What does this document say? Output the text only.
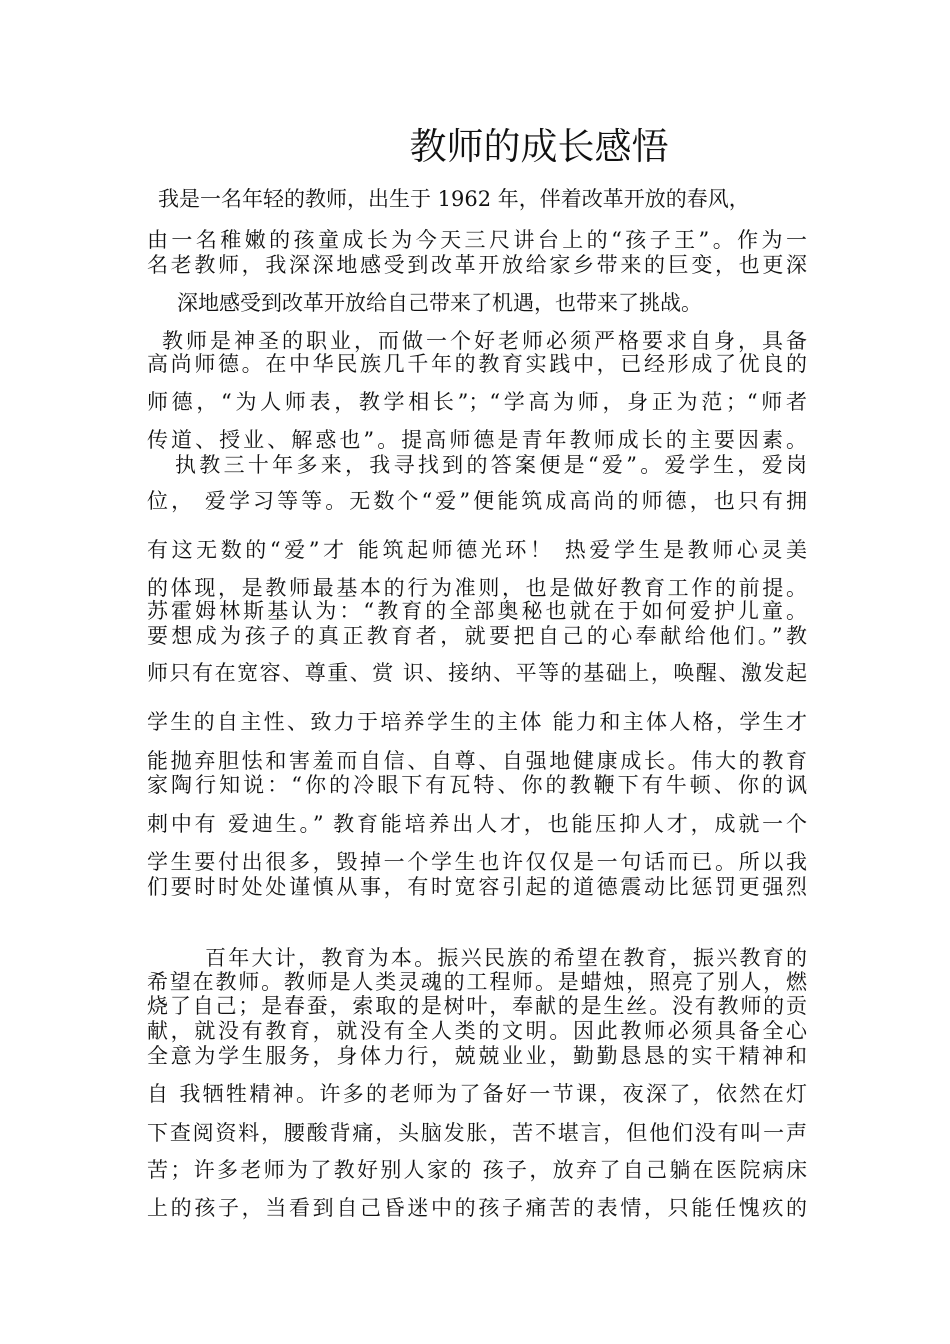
教师的成长感悟
我是一名年轻的教师，出生于 1962 年，伴着改革开放的春风，
由一名稚嫩的孩童成长为今天三尺讲台上的“孩子王”。作为一
名老教师，我深深地感受到改革开放给家乡带来的巨变，也更深
深地感受到改革开放给自己带来了机遇，也带来了挑战。
教师是神圣的职业，而做一个好老师必须严格要求自身，具备
高尚师德。在中华民族几千年的教育实践中，已经形成了优良的
师德，“为人师表，教学相长”；“学高为师，身正为范；“师者
传道、授业、解惑也”。提高师德是青年教师成长的主要因素。
执教三十年多来，我寻找到的答案便是“爱”。爱学生，爱岗
位， 爱学习等等。无数个“爱”便能筑成高尚的师德，也只有拥
有这无数的“爱”才 能筑起师德光环！ 热爱学生是教师心灵美
的体现，是教师最基本的行为准则，也是做好教育工作的前提。
苏霍姆林斯基认为：“教育的全部奥秘也就在于如何爱护儿童。
要想成为孩子的真正教育者，就要把自己的心奉献给他们。”教
师只有在宽容、尊重、赏 识、接纳、平等的基础上，唤醒、激发起
学生的自主性、致力于培养学生的主体 能力和主体人格，学生才
能抛弃胆怯和害羞而自信、自尊、自强地健康成长。伟大的教育
家陶行知说：“你的冷眼下有瓦特、你的教鞭下有牛顿、你的讽
刺中有 爱迪生。” 教育能培养出人才，也能压抑人才，成就一个
学生要付出很多，毁掉一个学生也许仅仅是一句话而已。所以我
们要时时处处谨慎从事，有时宽容引起的道德震动比惩罚更强烈
百年大计，教育为本。振兴民族的希望在教育，振兴教育的
希望在教师。教师是人类灵魂的工程师。是蜡烛，照亮了别人，燃
烧了自己；是春蚕，索取的是树叶，奉献的是生丝。没有教师的贡
献，就没有教育，就没有全人类的文明。因此教师必须具备全心
全意为学生服务，身体力行，兢兢业业，勤勤恳恳的实干精神和
自 我牺牲精神。许多的老师为了备好一节课，夜深了，依然在灯
下查阅资料，腰酸背痛，头脑发胀，苦不堪言，但他们没有叫一声
苦；许多老师为了教好别人家的 孩子，放弃了自己躺在医院病床
上的孩子，当看到自己昏迷中的孩子痛苦的表情，只能任愧疚的
